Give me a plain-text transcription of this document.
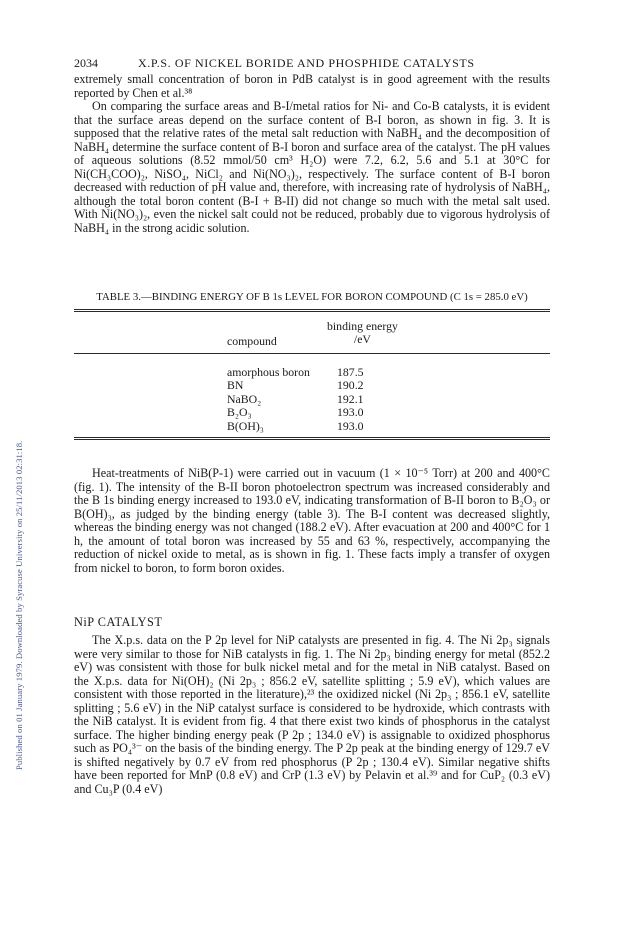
Published on 01 January 1979. Downloaded by Syracuse University on 25/11/2013 02:31:18.
2034	X.P.S. OF NICKEL BORIDE AND PHOSPHIDE CATALYSTS

extremely small concentration of boron in PdB catalyst is in good agreement with the results reported by Chen et al.³⁸

On comparing the surface areas and B-I/metal ratios for Ni- and Co-B catalysts, it is evident that the surface areas depend on the surface content of B-I boron, as shown in fig. 3. It is supposed that the relative rates of the metal salt reduction with NaBH₄ and the decomposition of NaBH₄ determine the surface content of B-I boron and surface area of the catalyst. The pH values of aqueous solutions (8.52 mmol/50 cm³ H₂O) were 7.2, 6.2, 5.6 and 5.1 at 30°C for Ni(CH₃COO)₂, NiSO₄, NiCl₂ and Ni(NO₃)₂, respectively. The surface content of B-I boron decreased with reduction of pH value and, therefore, with increasing rate of hydrolysis of NaBH₄, although the total boron content (B-I + B-II) did not change so much with the metal salt used. With Ni(NO₃)₂, even the nickel salt could not be reduced, probably due to vigorous hydrolysis of NaBH₄ in the strong acidic solution.

TABLE 3.—BINDING ENERGY OF B 1s LEVEL FOR BORON COMPOUND (C 1s = 285.0 eV)
compound
binding energy
/eV
amorphous boron 187.5
BN	190.2
NaBO₂	192.1
B₂O₃	193.0
B(OH)₃	193.0

Heat-treatments of NiB(P-1) were carried out in vacuum (1 × 10⁻⁵ Torr) at 200 and 400°C (fig. 1). The intensity of the B-II boron photoelectron spectrum was increased considerably and the B 1s binding energy increased to 193.0 eV, indicating transformation of B-II boron to B₂O₃ or B(OH)₃, as judged by the binding energy (table 3). The B-I content was decreased slightly, whereas the binding energy was not changed (188.2 eV). After evacuation at 200 and 400°C for 1 h, the amount of total boron was increased by 55 and 63 %, respectively, accompanying the reduction of nickel oxide to metal, as is shown in fig. 1. These facts imply a transfer of oxygen from nickel to boron, to form boron oxides.

NiP CATALYST

The X.p.s. data on the P 2p level for NiP catalysts are presented in fig. 4. The Ni 2p₃ signals were very similar to those for NiB catalysts in fig. 1. The Ni 2p₃ binding energy for metal (852.2 eV) was consistent with those for bulk nickel metal and for the metal in NiB catalyst. Based on the X.p.s. data for Ni(OH)₂ (Ni 2p₃ ; 856.2 eV, satellite splitting ; 5.9 eV), which values are consistent with those reported in the literature),²³ the oxidized nickel (Ni 2p₃ ; 856.1 eV, satellite splitting ; 5.6 eV) in the NiP catalyst surface is considered to be hydroxide, which contrasts with the NiB catalyst. It is evident from fig. 4 that there exist two kinds of phosphorus in the catalyst surface. The higher binding energy peak (P 2p ; 134.0 eV) is assignable to oxidized phosphorus such as PO₄³⁻ on the basis of the binding energy. The P 2p peak at the binding energy of 129.7 eV is shifted negatively by 0.7 eV from red phosphorus (P 2p ; 130.4 eV). Similar negative shifts have been reported for MnP (0.8 eV) and CrP (1.3 eV) by Pelavin et al.³⁹ and for CuP₂ (0.3 eV) and Cu₃P (0.4 eV)
